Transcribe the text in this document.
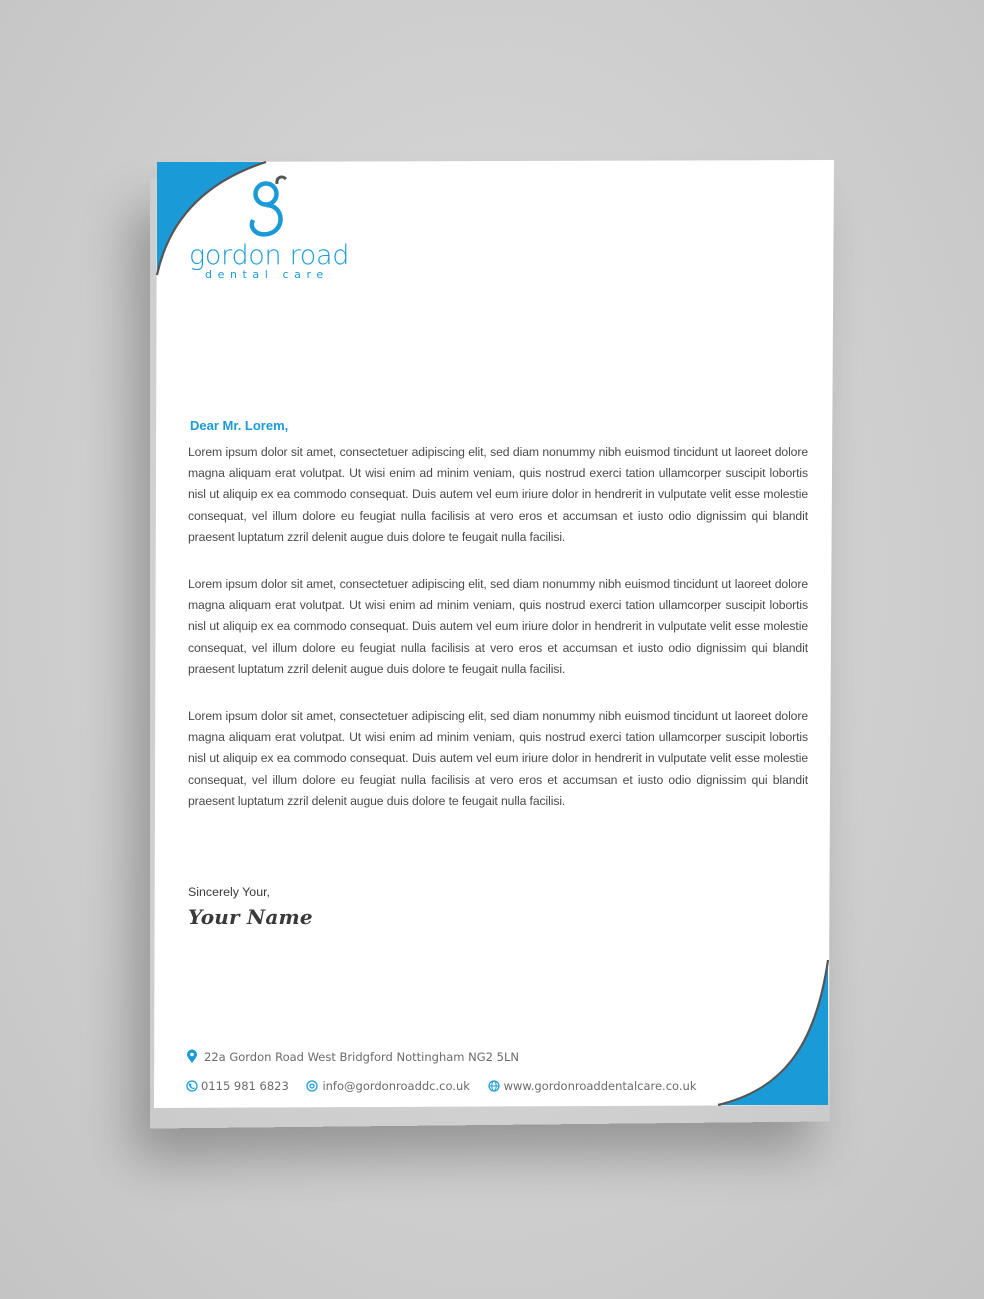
gordon road
dental care
Dear Mr. Lorem,

Lorem ipsum dolor sit amet, consectetuer adipiscing elit, sed diam nonummy nibh euismod tincidunt ut laoreet dolore magna aliquam erat volutpat. Ut wisi enim ad minim veniam, quis nostrud exerci tation ullamcorper suscipit lobortis nisl ut aliquip ex ea commodo consequat. Duis autem vel eum iriure dolor in hendrerit in vulputate velit esse molestie consequat, vel illum dolore eu feugiat nulla facilisis at vero eros et accumsan et iusto odio dignissim qui blandit praesent luptatum zzril delenit augue duis dolore te feugait nulla facilisi.

Lorem ipsum dolor sit amet, consectetuer adipiscing elit, sed diam nonummy nibh euismod tincidunt ut laoreet dolore magna aliquam erat volutpat. Ut wisi enim ad minim veniam, quis nostrud exerci tation ullamcorper suscipit lobortis nisl ut aliquip ex ea commodo consequat. Duis autem vel eum iriure dolor in hendrerit in vulputate velit esse molestie consequat, vel illum dolore eu feugiat nulla facilisis at vero eros et accumsan et iusto odio dignissim qui blandit praesent luptatum zzril delenit augue duis dolore te feugait nulla facilisi.

Lorem ipsum dolor sit amet, consectetuer adipiscing elit, sed diam nonummy nibh euismod tincidunt ut laoreet dolore magna aliquam erat volutpat. Ut wisi enim ad minim veniam, quis nostrud exerci tation ullamcorper suscipit lobortis nisl ut aliquip ex ea commodo consequat. Duis autem vel eum iriure dolor in hendrerit in vulputate velit esse molestie consequat, vel illum dolore eu feugiat nulla facilisis at vero eros et accumsan et iusto odio dignissim qui blandit praesent luptatum zzril delenit augue duis dolore te feugait nulla facilisi.

Sincerely Your,
Your Name
22a Gordon Road West Bridgford Nottingham NG2 5LN
0115 981 6823
	info@gordonroaddc.co.uk
	www.gordonroaddentalcare.co.uk
